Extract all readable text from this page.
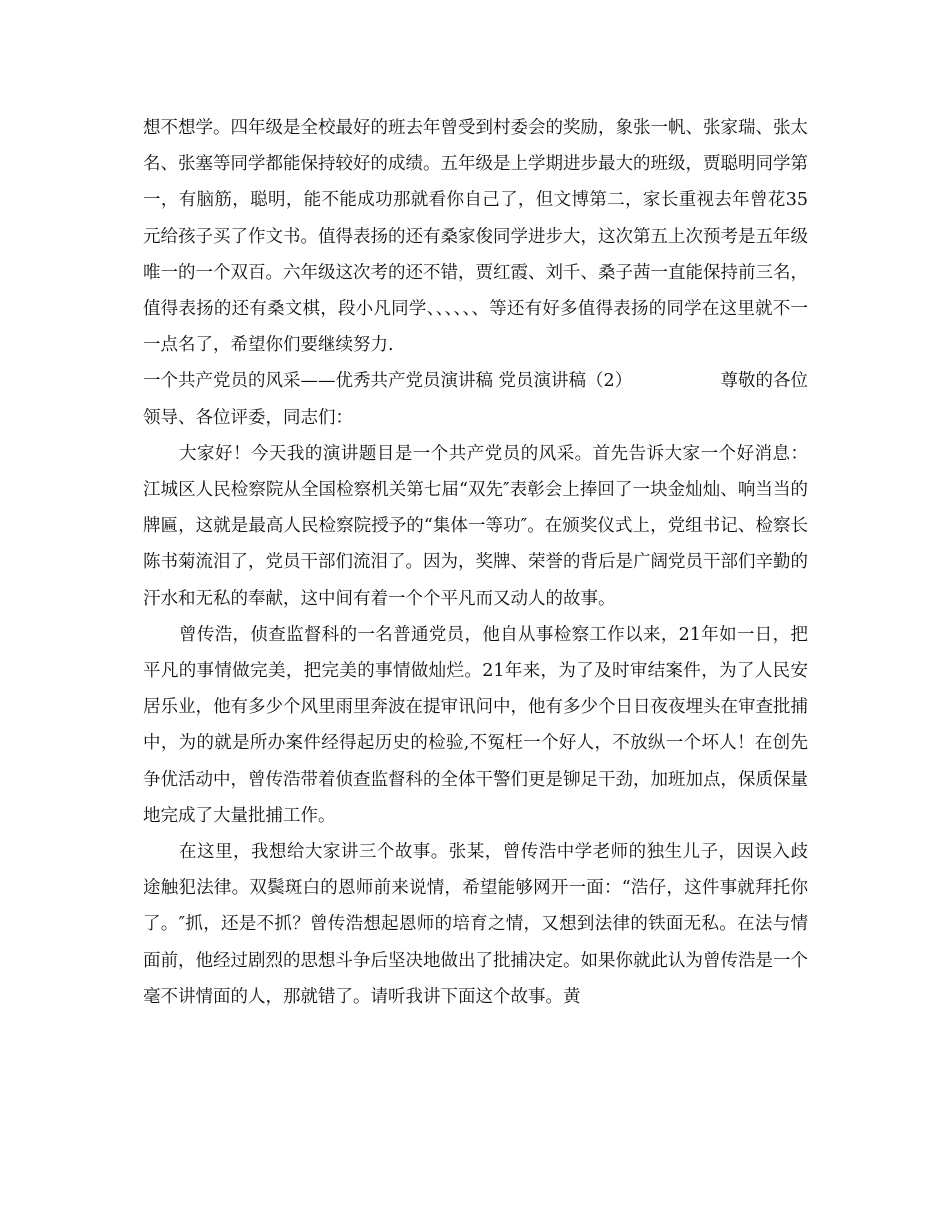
想不想学。四年级是全校最好的班去年曾受到村委会的奖励，象张一帆、张家瑞、张太名、张塞等同学都能保持较好的成绩。五年级是上学期进步最大的班级，贾聪明同学第一，有脑筋，聪明，能不能成功那就看你自己了，但文博第二，家长重视去年曾花35元给孩子买了作文书。值得表扬的还有桑家俊同学进步大，这次第五上次预考是五年级唯一的一个双百。六年级这次考的还不错，贾红霞、刘千、桑子茜一直能保持前三名，值得表扬的还有桑文棋，段小凡同学、、、、、、等还有好多值得表扬的同学在这里就不一一点名了，希望你们要继续努力.

一个共产党员的风采——优秀共产党员演讲稿 党员演讲稿（2）	尊敬的各位

领导、各位评委，同志们：

大家好！今天我的演讲题目是一个共产党员的风采。首先告诉大家一个好消息：江城区人民检察院从全国检察机关第七届“双先″表彰会上捧回了一块金灿灿、响当当的牌匾，这就是最高人民检察院授予的“集体一等功″。在颁奖仪式上，党组书记、检察长陈书菊流泪了，党员干部们流泪了。因为，奖牌、荣誉的背后是广阔党员干部们辛勤的汗水和无私的奉献，这中间有着一个个平凡而又动人的故事。

曾传浩，侦查监督科的一名普通党员，他自从事检察工作以来，21年如一日，把平凡的事情做完美，把完美的事情做灿烂。21年来，为了及时审结案件，为了人民安居乐业，他有多少个风里雨里奔波在提审讯问中，他有多少个日日夜夜埋头在审查批捕中，为的就是所办案件经得起历史的检验,不冤枉一个好人，不放纵一个坏人！在创先争优活动中，曾传浩带着侦查监督科的全体干警们更是铆足干劲，加班加点，保质保量地完成了大量批捕工作。

在这里，我想给大家讲三个故事。张某，曾传浩中学老师的独生儿子，因误入歧途触犯法律。双鬓斑白的恩师前来说情，希望能够网开一面：“浩仔，这件事就拜托你了。″抓，还是不抓？曾传浩想起恩师的培育之情，又想到法律的铁面无私。在法与情面前，他经过剧烈的思想斗争后坚决地做出了批捕决定。如果你就此认为曾传浩是一个毫不讲情面的人，那就错了。请听我讲下面这个故事。黄
